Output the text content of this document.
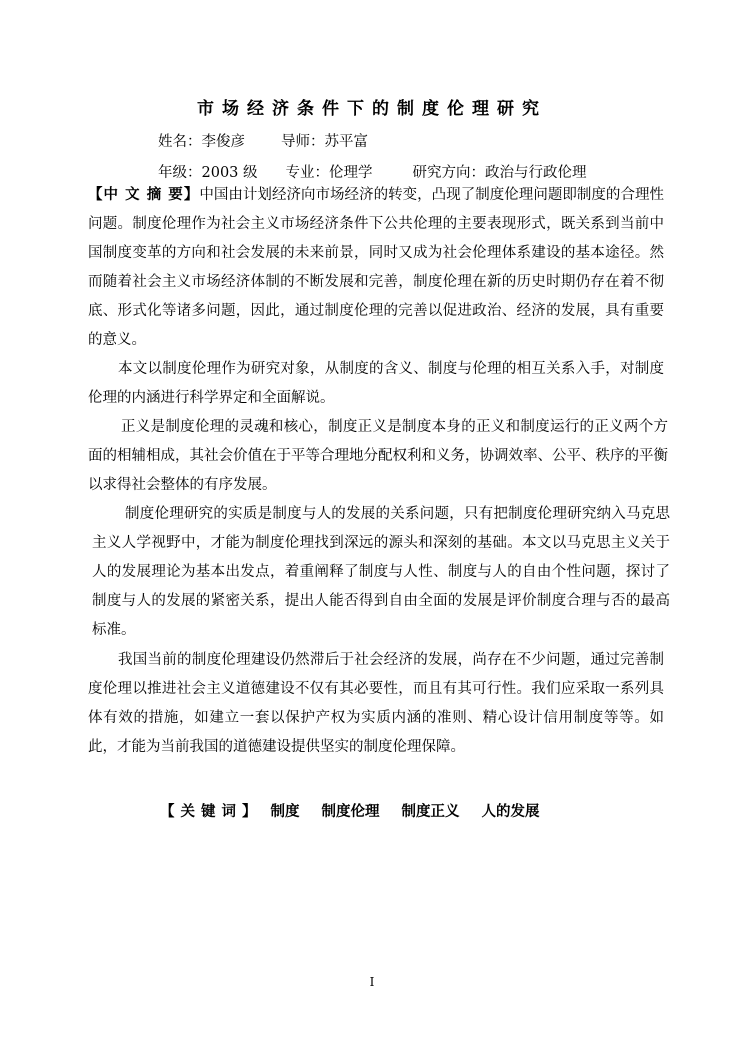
市场经济条件下的制度伦理研究

姓名：李俊彦 导师：苏平富

年级：2003 级 专业：伦理学	研究方向：政治与行政伦理

【中 文 摘 要】中国由计划经济向市场经济的转变，凸现了制度伦理问题即制度的合理性问题。制度伦理作为社会主义市场经济条件下公共伦理的主要表现形式，既关系到当前中国制度变革的方向和社会发展的未来前景，同时又成为社会伦理体系建设的基本途径。然而随着社会主义市场经济体制的不断发展和完善，制度伦理在新的历史时期仍存在着不彻底、形式化等诸多问题，因此，通过制度伦理的完善以促进政治、经济的发展，具有重要的意义。

本文以制度伦理作为研究对象，从制度的含义、制度与伦理的相互关系入手，对制度伦理的内涵进行科学界定和全面解说。

正义是制度伦理的灵魂和核心，制度正义是制度本身的正义和制度运行的正义两个方面的相辅相成，其社会价值在于平等合理地分配权利和义务，协调效率、公平、秩序的平衡以求得社会整体的有序发展。

制度伦理研究的实质是制度与人的发展的关系问题，只有把制度伦理研究纳入马克思主义人学视野中，才能为制度伦理找到深远的源头和深刻的基础。本文以马克思主义关于人的发展理论为基本出发点，着重阐释了制度与人性、制度与人的自由个性问题，探讨了制度与人的发展的紧密关系，提出人能否得到自由全面的发展是评价制度合理与否的最高标准。

我国当前的制度伦理建设仍然滞后于社会经济的发展，尚存在不少问题，通过完善制度伦理以推进社会主义道德建设不仅有其必要性，而且有其可行性。我们应采取一系列具体有效的措施，如建立一套以保护产权为实质内涵的准则、精心设计信用制度等等。如此，才能为当前我国的道德建设提供坚实的制度伦理保障。

【关键词】 制度 制度伦理 制度正义 人的发展

I
